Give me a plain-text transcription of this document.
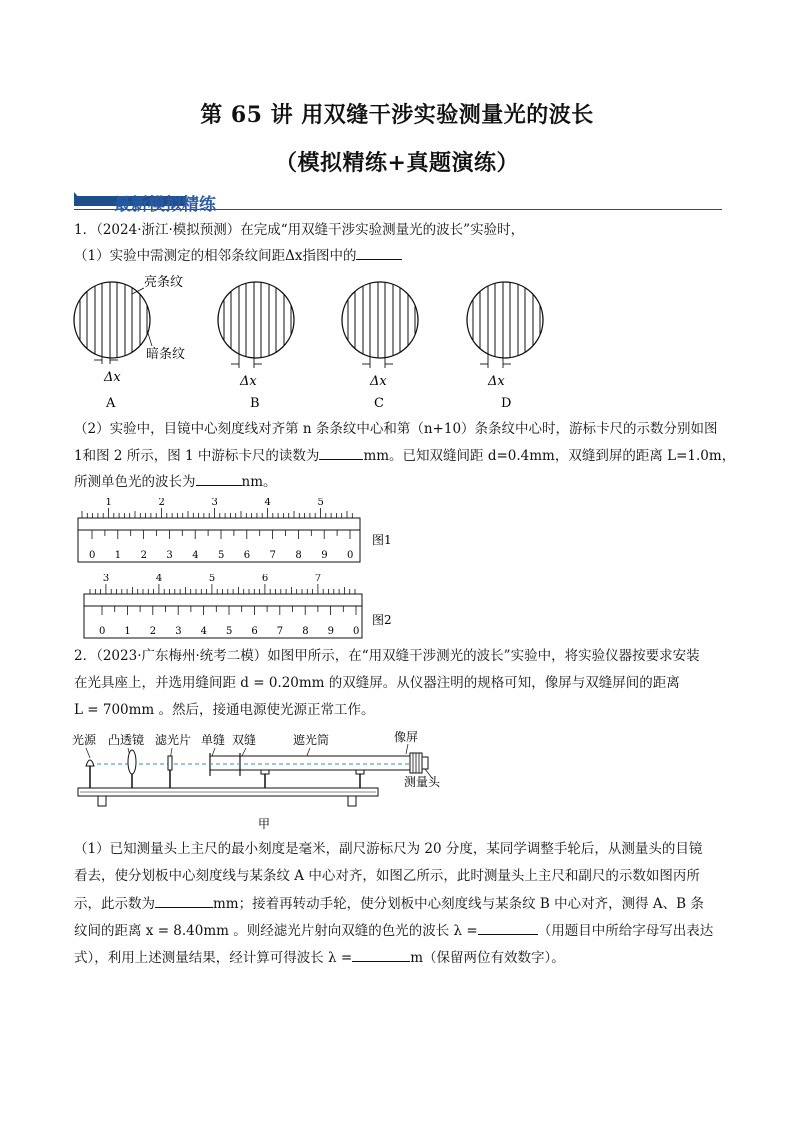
第 65 讲 用双缝干涉实验测量光的波长
（模拟精练+真题演练）
最新模拟精练
1．（2024·浙江·模拟预测）在完成“用双缝干涉实验测量光的波长”实验时，
（1）实验中需测定的相邻条纹间距Δx指图中的
亮条纹
暗条纹
Δx	Δx	Δx	Δx
A	B	C	D
（2）实验中，目镜中心刻度线对齐第 n 条条纹中心和第（n+10）条条纹中心时，游标卡尺的示数分别如图
1和图 2 所示，图 1 中游标卡尺的读数为	mm。已知双缝间距 d=0.4mm，双缝到屏的距离 L=1.0m，
所测单色光的波长为	nm。
1	2	3	4	5
0 1 2 3 4 5 6 7 8 9 0
图1
3	4	5	6	7
0 1 2 3 4 5 6 7 8 9 0
图2
2．（2023·广东梅州·统考二模）如图甲所示，在“用双缝干涉测光的波长”实验中，将实验仪器按要求安装
在光具座上，并选用缝间距 d = 0.20mm 的双缝屏。从仪器注明的规格可知，像屏与双缝屏间的距离
L = 700mm 。然后，接通电源使光源正常工作。
光源 凸透镜 滤光片 单缝 双缝	遮光筒	像屏
测量头
甲
（1）已知测量头上主尺的最小刻度是毫米，副尺游标尺为 20 分度，某同学调整手轮后，从测量头的目镜
看去，使分划板中心刻度线与某条纹 A 中心对齐，如图乙所示，此时测量头上主尺和副尺的示数如图丙所
示，此示数为	mm；接着再转动手轮，使分划板中心刻度线与某条纹 B 中心对齐，测得 A、B 条
纹间的距离 x = 8.40mm 。则经滤光片射向双缝的色光的波长 λ =	（用题目中所给字母写出表达
式），利用上述测量结果，经计算可得波长 λ =	m（保留两位有效数字）。
